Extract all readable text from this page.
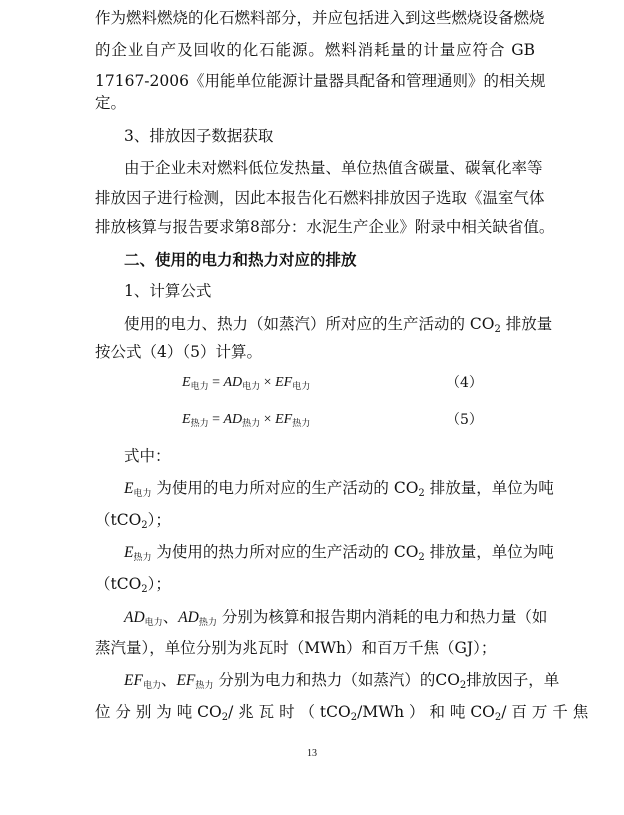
作为燃料燃烧的化石燃料部分，并应包括进入到这些燃烧设备燃烧
的企业自产及回收的化石能源。燃料消耗量的计量应符合 GB
17167-2006《用能单位能源计量器具配备和管理通则》的相关规
定。
3、排放因子数据获取
由于企业未对燃料低位发热量、单位热值含碳量、碳氧化率等
排放因子进行检测，因此本报告化石燃料排放因子选取《温室气体
排放核算与报告要求第8部分：水泥生产企业》附录中相关缺省值。
二、使用的电力和热力对应的排放
1、计算公式
使用的电力、热力（如蒸汽）所对应的生产活动的 CO2 排放量
按公式（4）（5）计算。
$E_{电力} = AD_{电力} \times EF_{电力}$	（4）
$E_{热力} = AD_{热力} \times EF_{热力}$	（5）
式中：
$E_{电力}$ 为使用的电力所对应的生产活动的 CO2 排放量，单位为吨
（tCO2）；
$E_{热力}$ 为使用的热力所对应的生产活动的 CO2 排放量，单位为吨
（tCO2）；
$AD_{电力}$、$AD_{热力}$ 分别为核算和报告期内消耗的电力和热力量（如
蒸汽量），单位分别为兆瓦时（MWh）和百万千焦（GJ）；
$EF_{电力}$、$EF_{热力}$ 分别为电力和热力（如蒸汽）的CO2排放因子，单
位 分 别 为 吨 CO2/ 兆 瓦 时 （ tCO2/MWh ） 和 吨 CO2/ 百 万 千 焦
13
